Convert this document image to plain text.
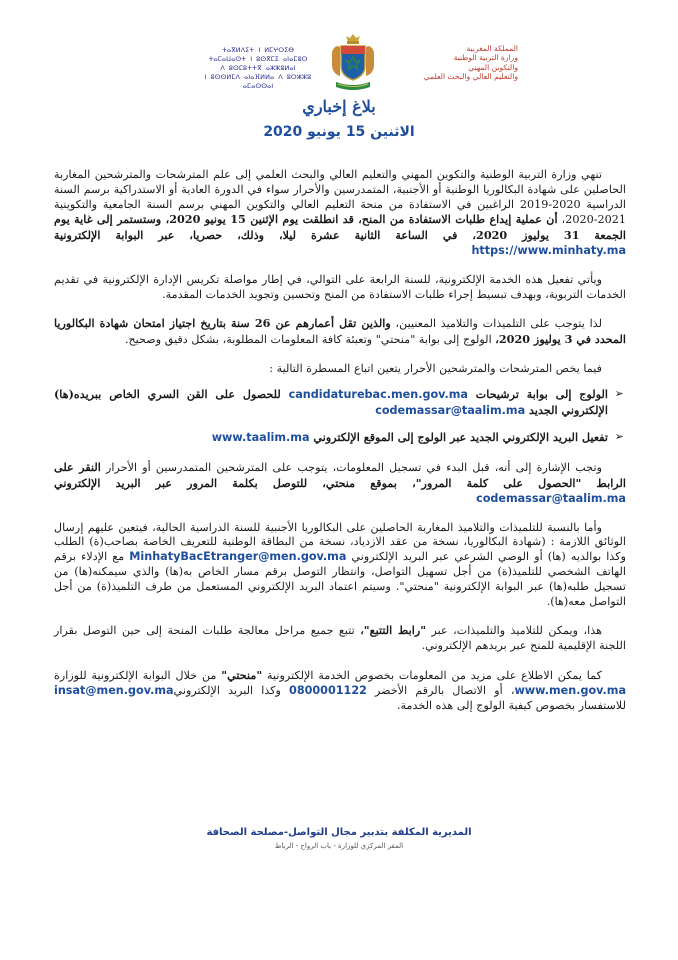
ⵜⴰⴳⵍⴷⵉⵜ ⵏ ⵍⵎⵖⵔⵉⴱ
ⵜⴰⵎⴰⵡⴰⵙⵜ ⵏ ⵓⵙⴳⵎⵉ ⴰⵏⴰⵎⵓⵔ
ⴷ ⵓⵙⵎⵓⵜⵜⴳ ⴰⵣⵣⵓⵍⴰⵏ
ⵏ ⵓⵙⵙⵍⵎⴷ ⴰⵏⴰⴼⵍⵍⴰ ⴷ ⵓⵔⵣⵣⵓ ⴰⵎⴰⵙⵙⴰⵏ
المملكة المغربية
وزارة التربية الوطنية
والتكوين المهني
والتعليم العالي والبحث العلمي
بلاغ إخباري
الاثنين 15 يونيو 2020

تنهي وزارة التربية الوطنية والتكوين المهني والتعليم العالي والبحث العلمي إلى علم المترشحات والمترشحين المغاربة الحاصلين على شهادة البكالوريا الوطنية أو الأجنبية، المتمدرسين والأحرار سواء في الدورة العادية أو الاستدراكية برسم السنة الدراسية 2020-2019 الراغبين في الاستفادة من منحة التعليم العالي والتكوين المهني برسم السنة الجامعية والتكوينية 2021-2020، أن عملية إيداع طلبات الاستفادة من المنح، قد انطلقت يوم الإثنين 15 يونيو 2020، وستستمر إلى غاية يوم الجمعة 31 يوليوز 2020، في الساعة الثانية عشرة ليلا، وذلك، حصريا، عبر البوابة الإلكترونية https://www.minhaty.ma

ويأتي تفعيل هذه الخدمة الإلكترونية، للسنة الرابعة على التوالي، في إطار مواصلة تكريس الإدارة الإلكترونية في تقديم الخدمات التربوية، وبهدف تبسيط إجراء طلبات الاستفادة من المنح وتحسين وتجويد الخدمات المقدمة.

لذا يتوجب على التلميذات والتلاميذ المعنيين، والذين تقل أعمارهم عن 26 سنة بتاريخ اجتياز امتحان شهادة البكالوريا المحدد في 3 يوليوز 2020، الولوج إلى بوابة "منحتي" وتعبئة كافة المعلومات المطلوبة، بشكل دقيق وصحيح.

فيما يخص المترشحات والمترشحين الأحرار يتعين اتباع المسطرة التالية :

➢
الولوج إلى بوابة ترشيحات candidaturebac.men.gov.ma للحصول على القن السري الخاص ببريده(ها) الإلكتروني الجديد codemassar@taalim.ma
➢
تفعيل البريد الإلكتروني الجديد عبر الولوج إلى الموقع الإلكتروني www.taalim.ma

وتجب الإشارة إلى أنه، قبل البدء في تسجيل المعلومات، يتوجب على المترشحين المتمدرسين أو الأحرار النقر على الرابط "الحصول على كلمة المرور"، بموقع منحتي، للتوصل بكلمة المرور عبر البريد الإلكتروني codemassar@taalim.ma

وأما بالنسبة للتلميذات والتلاميذ المغاربة الحاصلين على البكالوريا الأجنبية للسنة الدراسية الحالية، فيتعين عليهم إرسال الوثائق اللازمة : (شهادة البكالوريا، نسخة من عقد الازدياد، نسخة من البطاقة الوطنية للتعريف الخاصة بصاحب(ة) الطلب وكذا بوالديه (ها) أو الوصي الشرعي عبر البريد الإلكتروني MinhatyBacEtranger@men.gov.ma مع الإدلاء برقم الهاتف الشخصي للتلميذ(ة) من أجل تسهيل التواصل، وانتظار التوصل برقم مسار الخاص به(ها) والذي سيمكنه(ها) من تسجيل طلبه(ها) عبر البوابة الإلكترونية "منحتي". وسيتم اعتماد البريد الإلكتروني المستعمل من طرف التلميذ(ة) من أجل التواصل معه(ها).

هذا، ويمكن للتلاميذ والتلميذات، عبر "رابط التتبع"، تتبع جميع مراحل معالجة طلبات المنحة إلى حين التوصل بقرار اللجنة الإقليمية للمنح عبر بريدهم الإلكتروني.

كما يمكن الاطلاع على مزيد من المعلومات بخصوص الخدمة الإلكترونية "منحتي" من خلال البوابة الإلكترونية للوزارة www.men.gov.ma، أو الاتصال بالرقم الأخضر 0800001122 وكذا البريد الإلكترونيinsat@men.gov.ma للاستفسار بخصوص كيفية الولوج إلى هذه الخدمة.

المديرية المكلفة بتدبير مجال التواصل-مصلحة الصحافة
المقر المركزي للوزارة - باب الرواح - الرباط
